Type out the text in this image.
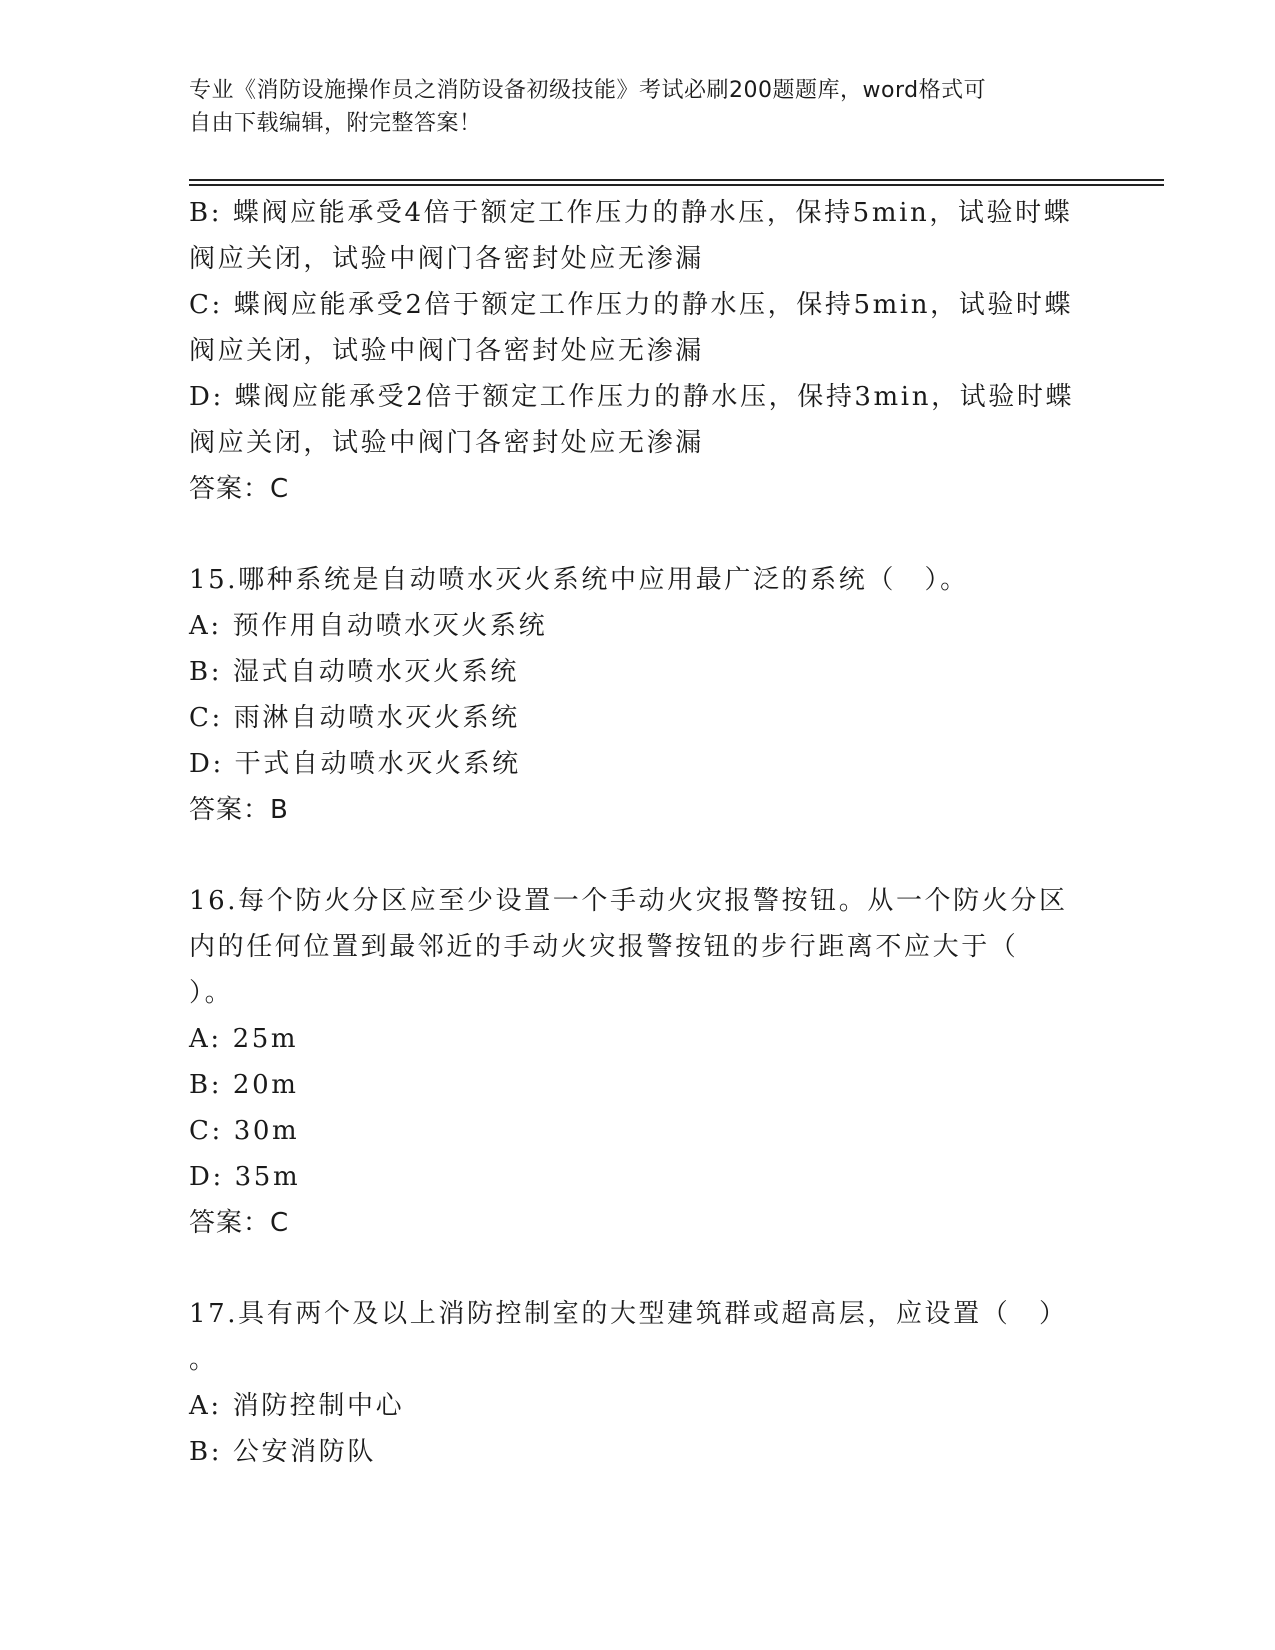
专业《消防设施操作员之消防设备初级技能》考试必刷200题题库，word格式可
自由下载编辑，附完整答案！
B: 蝶阀应能承受4倍于额定工作压力的静水压，保持5min，试验时蝶
阀应关闭，试验中阀门各密封处应无渗漏
C: 蝶阀应能承受2倍于额定工作压力的静水压，保持5min，试验时蝶
阀应关闭，试验中阀门各密封处应无渗漏
D: 蝶阀应能承受2倍于额定工作压力的静水压，保持3min，试验时蝶
阀应关闭，试验中阀门各密封处应无渗漏
答案：C
15.哪种系统是自动喷水灭火系统中应用最广泛的系统（　）。
A: 预作用自动喷水灭火系统
B: 湿式自动喷水灭火系统
C: 雨淋自动喷水灭火系统
D: 干式自动喷水灭火系统
答案：B
16.每个防火分区应至少设置一个手动火灾报警按钮。从一个防火分区
内的任何位置到最邻近的手动火灾报警按钮的步行距离不应大于（
）。
A: 25m
B: 20m
C: 30m
D: 35m
答案：C
17.具有两个及以上消防控制室的大型建筑群或超高层，应设置（　）
。
A: 消防控制中心
B: 公安消防队
